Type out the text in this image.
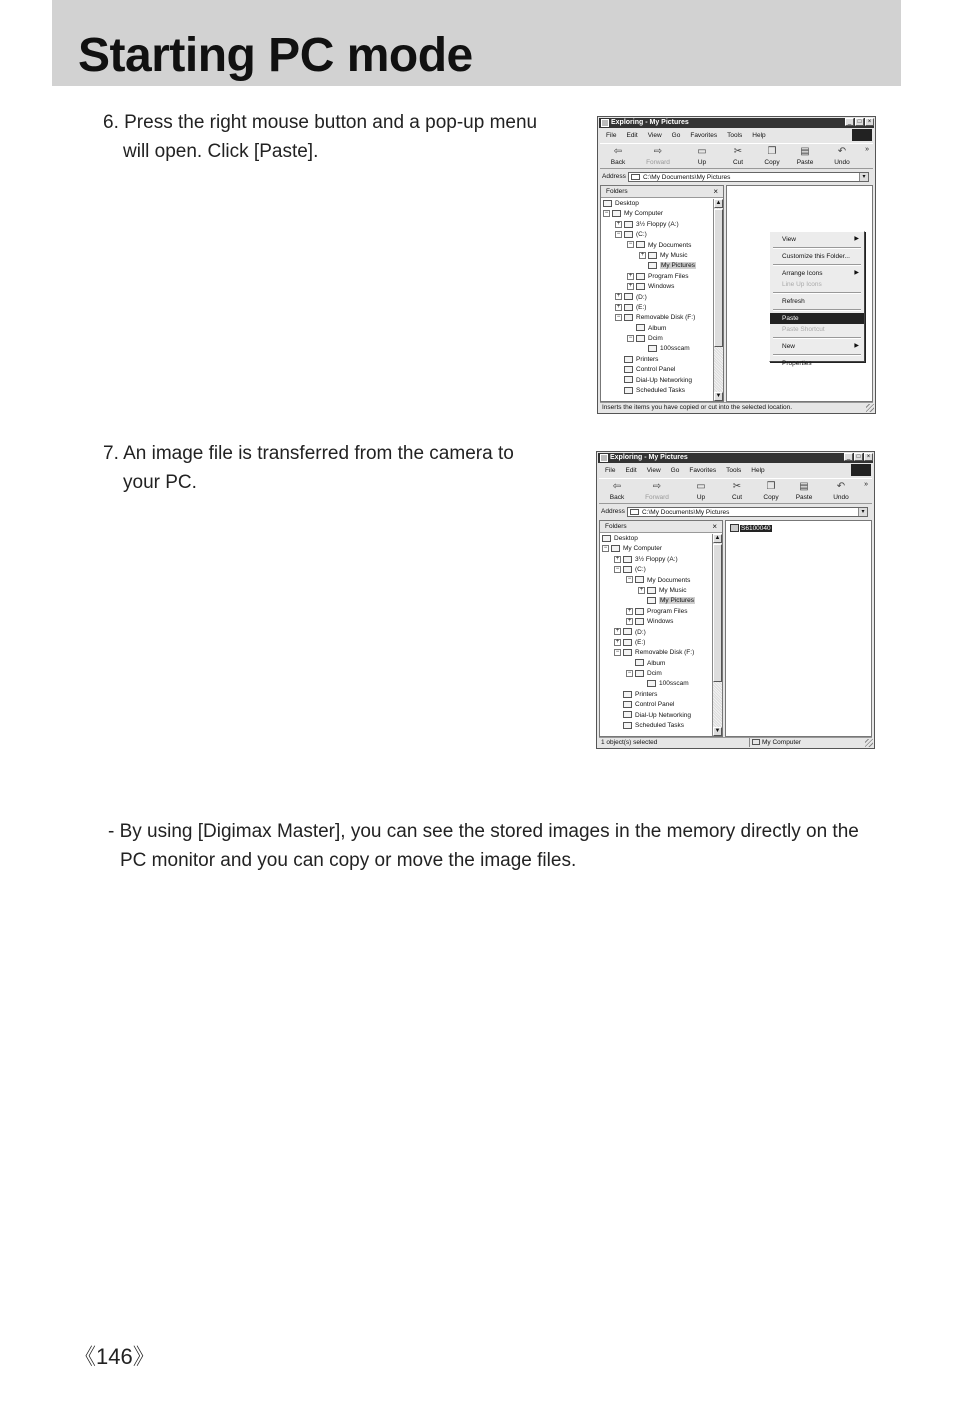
Starting PC mode
6. Press the right mouse button and a pop-up menu
will open. Click [Paste].
7. An image file is transferred from the camera to
your PC.
Exploring - My Pictures	_	□	×
File Edit View Go Favorites Tools Help
⇦
Back
⇨
Forward
▭
Up
✂
Cut
❐
Copy
▤
Paste
↶
Undo
»
Address	C:\My Documents\My Pictures	▾
Folders	×
Desktop
− My Computer
+ 3½ Floppy (A:)
− (C:)
− My Documents
+ My Music
My Pictures
+ Program Files
+ Windows
+ (D:)
+ (E:)
− Removable Disk (F:)
Album
− Dcim
100sscam
Printers
Control Panel
Dial-Up Networking
Scheduled Tasks
▲
▼
View	▶
Customize this Folder...
Arrange Icons	▶
Line Up Icons
Refresh
Paste
Paste Shortcut
New	▶
Properties
Inserts the items you have copied or cut into the selected location.
Exploring - My Pictures	_	□	×
File Edit View Go Favorites Tools Help
⇦
Back
⇨
Forward
▭
Up
✂
Cut
❐
Copy
▤
Paste
↶
Undo
»
Address	C:\My Documents\My Pictures	▾
Folders	×
Desktop
− My Computer
+ 3½ Floppy (A:)
− (C:)
− My Documents
+ My Music
My Pictures
+ Program Files
+ Windows
+ (D:)
+ (E:)
− Removable Disk (F:)
Album
− Dcim
100sscam
Printers
Control Panel
Dial-Up Networking
Scheduled Tasks
▲
▼
S6100040
1 object(s) selected	My Computer
- By using [Digimax Master], you can see the stored images in the memory directly on the
PC monitor and you can copy or move the image files.
《146》
